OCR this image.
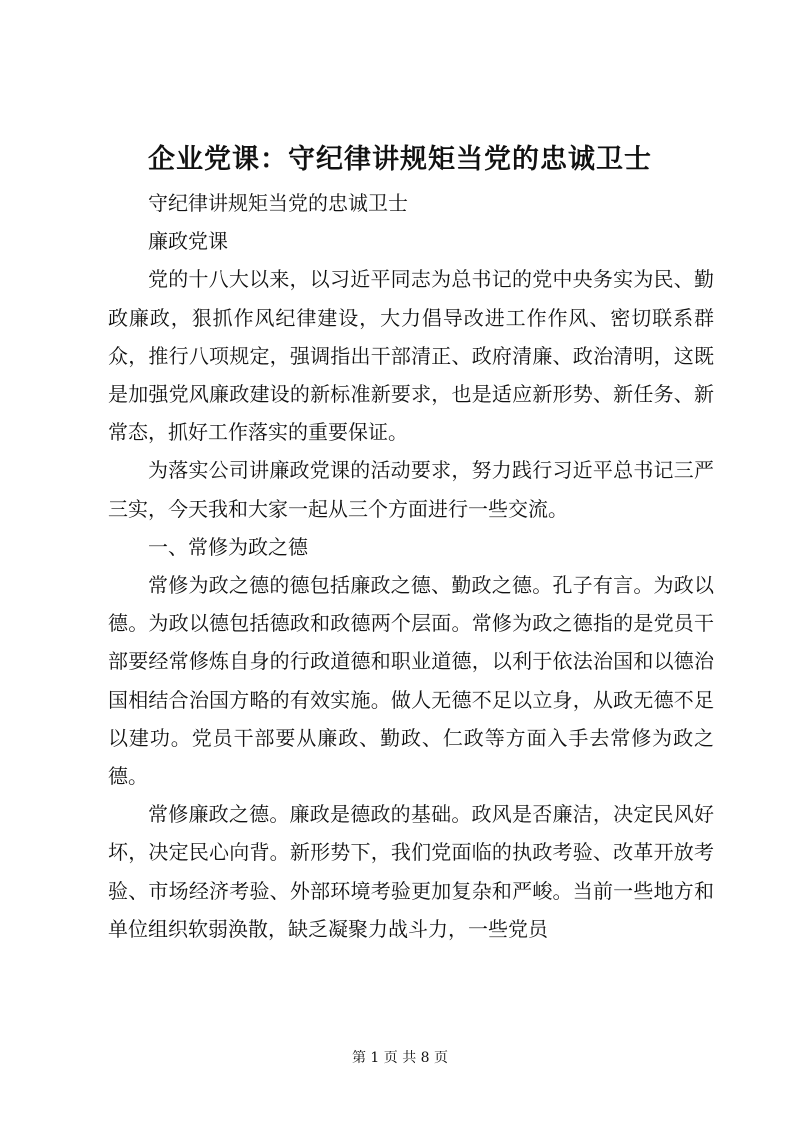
企业党课：守纪律讲规矩当党的忠诚卫士

守纪律讲规矩当党的忠诚卫士

廉政党课

党的十八大以来，以习近平同志为总书记的党中央务实为民、勤政廉政，狠抓作风纪律建设，大力倡导改进工作作风、密切联系群众，推行八项规定，强调指出干部清正、政府清廉、政治清明，这既是加强党风廉政建设的新标准新要求，也是适应新形势、新任务、新常态，抓好工作落实的重要保证。

为落实公司讲廉政党课的活动要求，努力践行习近平总书记三严三实，今天我和大家一起从三个方面进行一些交流。

一、常修为政之德

常修为政之德的德包括廉政之德、勤政之德。孔子有言。为政以德。为政以德包括德政和政德两个层面。常修为政之德指的是党员干部要经常修炼自身的行政道德和职业道德，以利于依法治国和以德治国相结合治国方略的有效实施。做人无德不足以立身，从政无德不足以建功。党员干部要从廉政、勤政、仁政等方面入手去常修为政之德。

常修廉政之德。廉政是德政的基础。政风是否廉洁，决定民风好坏，决定民心向背。新形势下，我们党面临的执政考验、改革开放考验、市场经济考验、外部环境考验更加复杂和严峻。当前一些地方和单位组织软弱涣散，缺乏凝聚力战斗力，一些党员

第 1 页 共 8 页
